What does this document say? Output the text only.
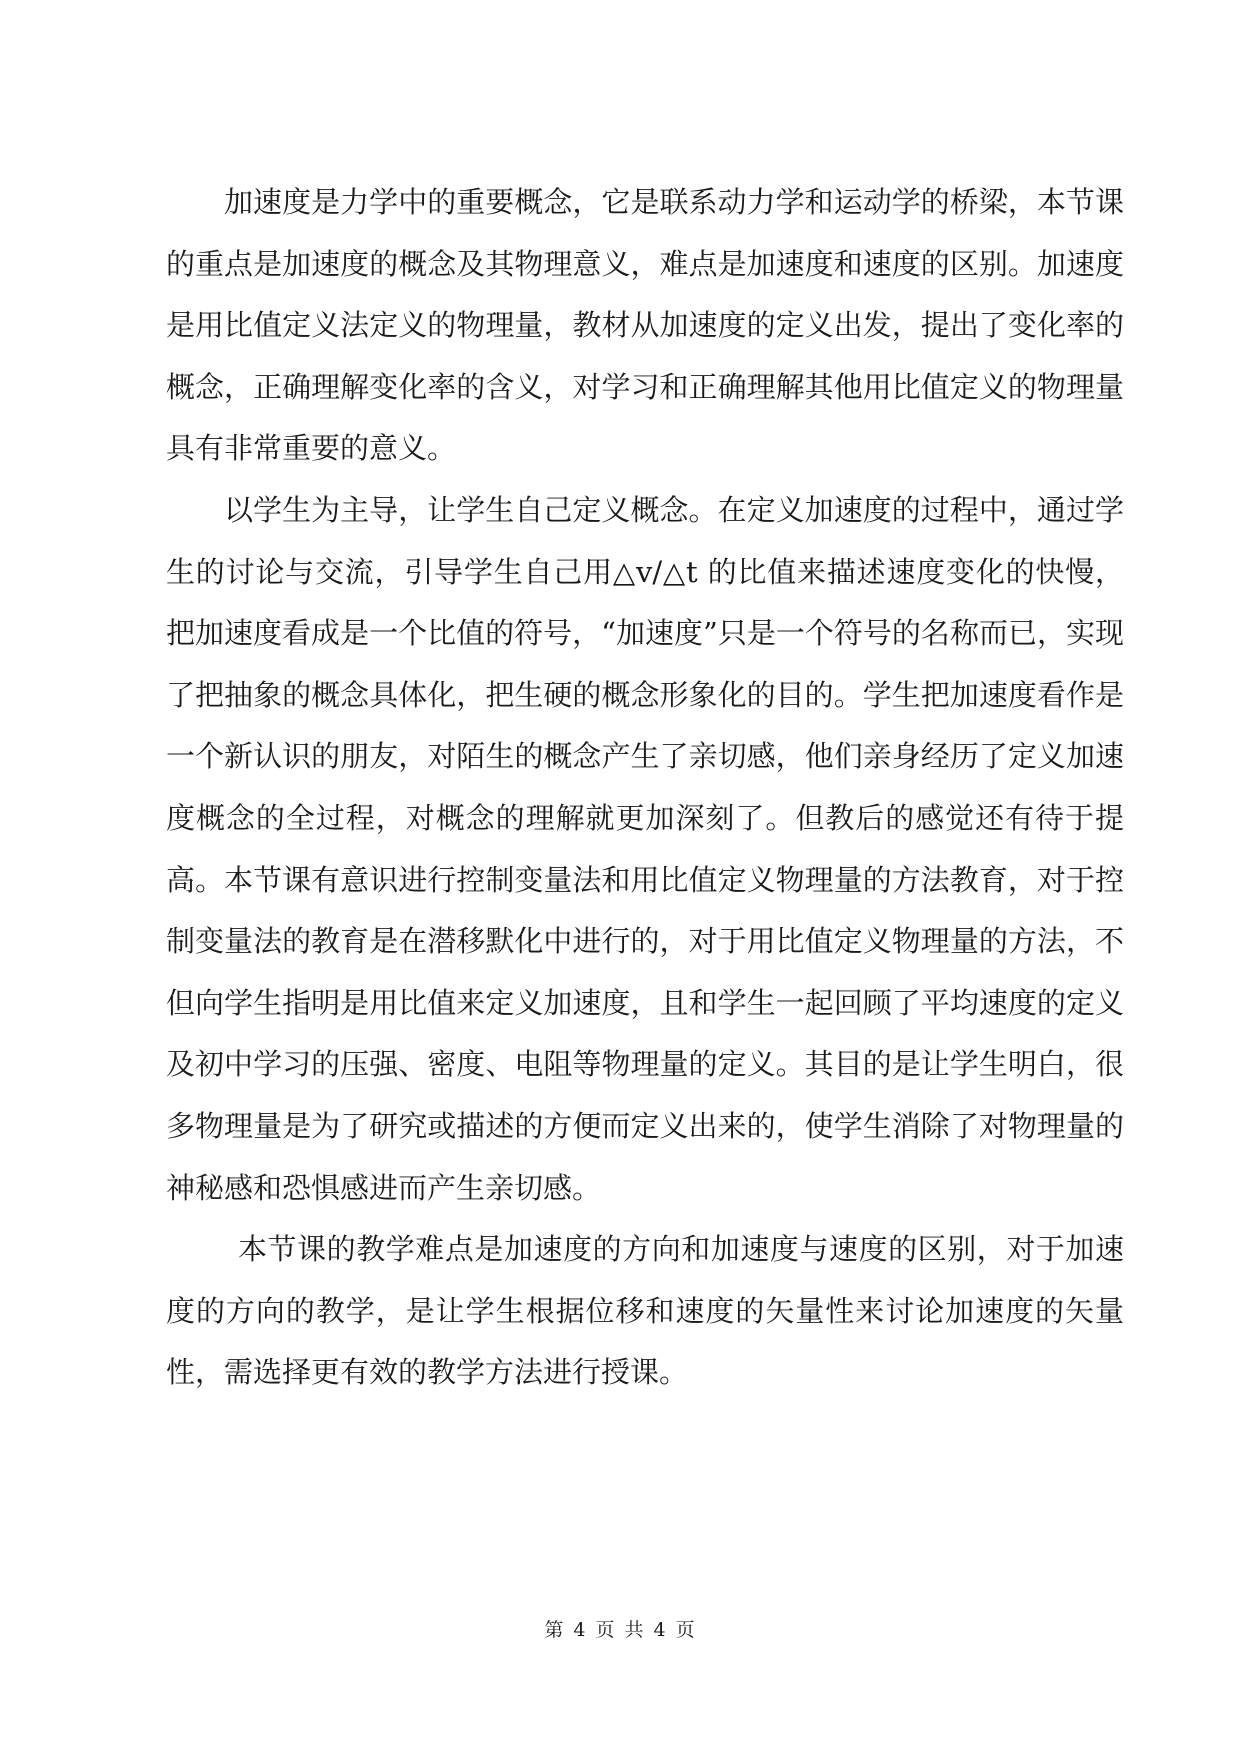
加速度是力学中的重要概念，它是联系动力学和运动学的桥梁，本节课的重点是加速度的概念及其物理意义，难点是加速度和速度的区别。加速度是用比值定义法定义的物理量，教材从加速度的定义出发，提出了变化率的概念，正确理解变化率的含义，对学习和正确理解其他用比值定义的物理量具有非常重要的意义。

以学生为主导，让学生自己定义概念。在定义加速度的过程中，通过学生的讨论与交流，引导学生自己用△v/△t 的比值来描述速度变化的快慢，把加速度看成是一个比值的符号，“加速度”只是一个符号的名称而已，实现了把抽象的概念具体化，把生硬的概念形象化的目的。学生把加速度看作是一个新认识的朋友，对陌生的概念产生了亲切感，他们亲身经历了定义加速度概念的全过程，对概念的理解就更加深刻了。但教后的感觉还有待于提高。本节课有意识进行控制变量法和用比值定义物理量的方法教育，对于控制变量法的教育是在潜移默化中进行的，对于用比值定义物理量的方法，不但向学生指明是用比值来定义加速度，且和学生一起回顾了平均速度的定义及初中学习的压强、密度、电阻等物理量的定义。其目的是让学生明白，很多物理量是为了研究或描述的方便而定义出来的，使学生消除了对物理量的神秘感和恐惧感进而产生亲切感。

本节课的教学难点是加速度的方向和加速度与速度的区别，对于加速度的方向的教学，是让学生根据位移和速度的矢量性来讨论加速度的矢量性，需选择更有效的教学方法进行授课。

第 4 页 共 4 页
